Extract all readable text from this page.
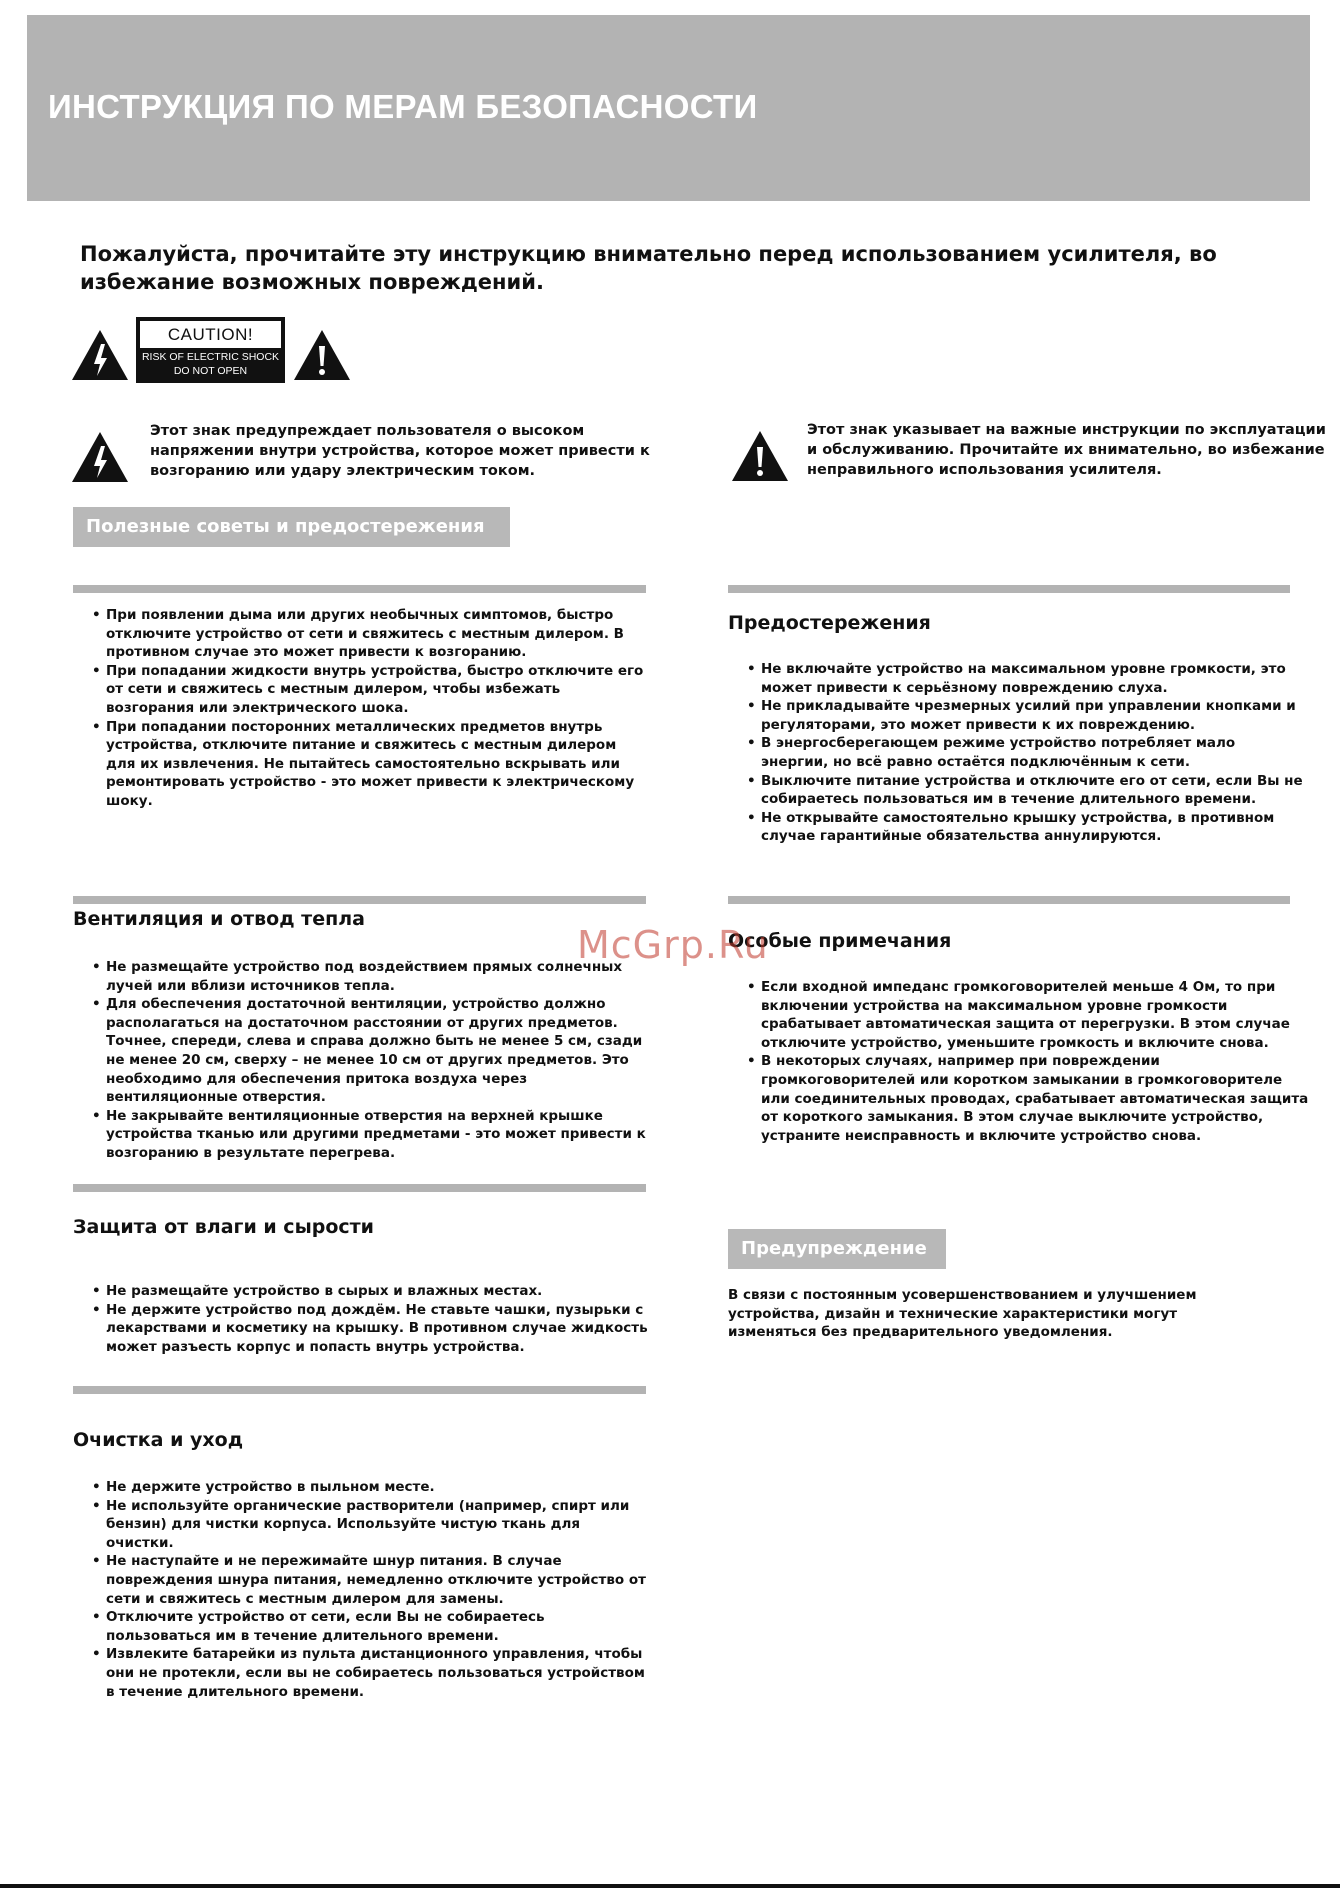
ИНСТРУКЦИЯ ПО МЕРАМ БЕЗОПАСНОСТИ
Пожалуйста, прочитайте эту инструкцию внимательно перед использованием усилителя, во избежание возможных повреждений.
CAUTION!
RISK OF ELECTRIC SHOCK
DO NOT OPEN
Этот знак предупреждает пользователя о высоком напряжении внутри устройства, которое может привести к возгоранию или удару электрическим током.
Этот знак указывает на важные инструкции по эксплуатации и обслуживанию. Прочитайте их внимательно, во избежание неправильного использования усилителя.
Полезные советы и предостережения
• При появлении дыма или других необычных симптомов, быстро отключите устройство от сети и свяжитесь с местным дилером. В противном случае это может привести к возгоранию.
• При попадании жидкости внутрь устройства, быстро отключите его от сети и свяжитесь с местным дилером, чтобы избежать возгорания или электрического шока.
• При попадании посторонних металлических предметов внутрь устройства, отключите питание и свяжитесь с местным дилером для их извлечения. Не пытайтесь самостоятельно вскрывать или ремонтировать устройство - это может привести к электрическому шоку.
Вентиляция и отвод тепла
• Не размещайте устройство под воздействием прямых солнечных лучей или вблизи источников тепла.
• Для обеспечения достаточной вентиляции, устройство должно располагаться на достаточном расстоянии от других предметов. Точнее, спереди, слева и справа должно быть не менее 5 см, сзади не менее 20 см, сверху – не менее 10 см от других предметов. Это необходимо для обеспечения притока воздуха через вентиляционные отверстия.
• Не закрывайте вентиляционные отверстия на верхней крышке устройства тканью или другими предметами - это может привести к возгоранию в результате перегрева.
Защита от влаги и сырости
• Не размещайте устройство в сырых и влажных местах.
• Не держите устройство под дождём. Не ставьте чашки, пузырьки с лекарствами и косметику на крышку. В противном случае жидкость может разъесть корпус и попасть внутрь устройства.
Очистка и уход
• Не держите устройство в пыльном месте.
• Не используйте органические растворители (например, спирт или бензин) для чистки корпуса. Используйте чистую ткань для очистки.
• Не наступайте и не пережимайте шнур питания. В случае повреждения шнура питания, немедленно отключите устройство от сети и свяжитесь с местным дилером для замены.
• Отключите устройство от сети, если Вы не собираетесь пользоваться им в течение длительного времени.
• Извлеките батарейки из пульта дистанционного управления, чтобы они не протекли, если вы не собираетесь пользоваться устройством в течение длительного времени.
Предостережения
• Не включайте устройство на максимальном уровне громкости, это может привести к серьёзному повреждению слуха.
• Не прикладывайте чрезмерных усилий при управлении кнопками и регуляторами, это может привести к их повреждению.
• В энергосберегающем режиме устройство потребляет мало энергии, но всё равно остаётся подключённым к сети.
• Выключите питание устройства и отключите его от сети, если Вы не собираетесь пользоваться им в течение длительного времени.
• Не открывайте самостоятельно крышку устройства, в противном случае гарантийные обязательства аннулируются.
Особые примечания
• Если входной импеданс громкоговорителей меньше 4 Ом, то при включении устройства на максимальном уровне громкости срабатывает автоматическая защита от перегрузки. В этом случае отключите устройство, уменьшите громкость и включите снова.
• В некоторых случаях, например при повреждении громкоговорителей или коротком замыкании в громкоговорителе или соединительных проводах, срабатывает автоматическая защита от короткого замыкания. В этом случае выключите устройство, устраните неисправность и включите устройство снова.
Предупреждение
В связи с постоянным усовершенствованием и улучшением устройства, дизайн и технические характеристики могут изменяться без предварительного уведомления.
McGrp.Ru
